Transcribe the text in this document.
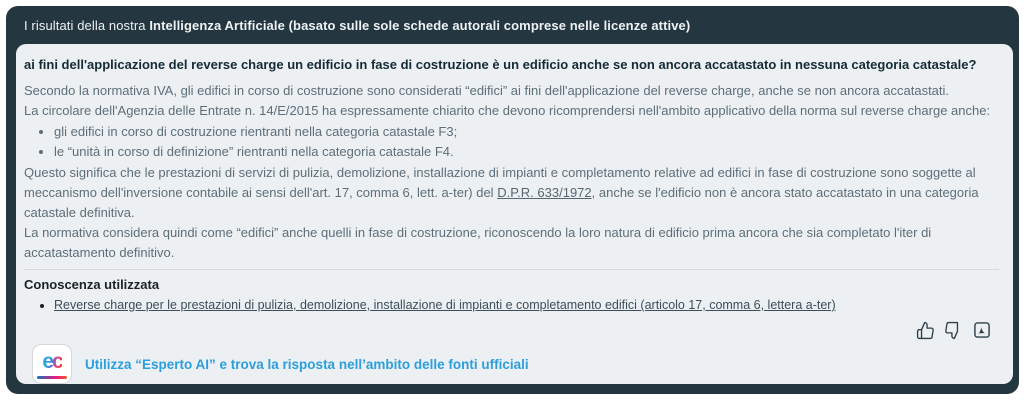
I risultati della nostra Intelligenza Artificiale (basato sulle sole schede autorali comprese nelle licenze attive)
ai fini dell'applicazione del reverse charge un edificio in fase di costruzione è un edificio anche se non ancora accatastato in nessuna categoria catastale?

Secondo la normativa IVA, gli edifici in corso di costruzione sono considerati “edifici” ai fini dell'applicazione del reverse charge, anche se non ancora accatastati.

La circolare dell'Agenzia delle Entrate n. 14/E/2015 ha espressamente chiarito che devono ricomprendersi nell'ambito applicativo della norma sul reverse charge anche:

• gli edifici in corso di costruzione rientranti nella categoria catastale F3;
• le “unità in corso di definizione” rientranti nella categoria catastale F4.

Questo significa che le prestazioni di servizi di pulizia, demolizione, installazione di impianti e completamento relative ad edifici in fase di costruzione sono soggette al meccanismo dell'inversione contabile ai sensi dell'art. 17, comma 6, lett. a-ter) del D.P.R. 633/1972, anche se l'edificio non è ancora stato accatastato in una categoria catastale definitiva.

La normativa considera quindi come “edifici” anche quelli in fase di costruzione, riconoscendo la loro natura di edificio prima ancora che sia completato l'iter di accatastamento definitivo.

Conoscenza utilizzata
• Reverse charge per le prestazioni di pulizia, demolizione, installazione di impianti e completamento edifici (articolo 17, comma 6, lettera a-ter)
ec Utilizza “Esperto AI” e trova la risposta nell’ambito delle fonti ufficiali
